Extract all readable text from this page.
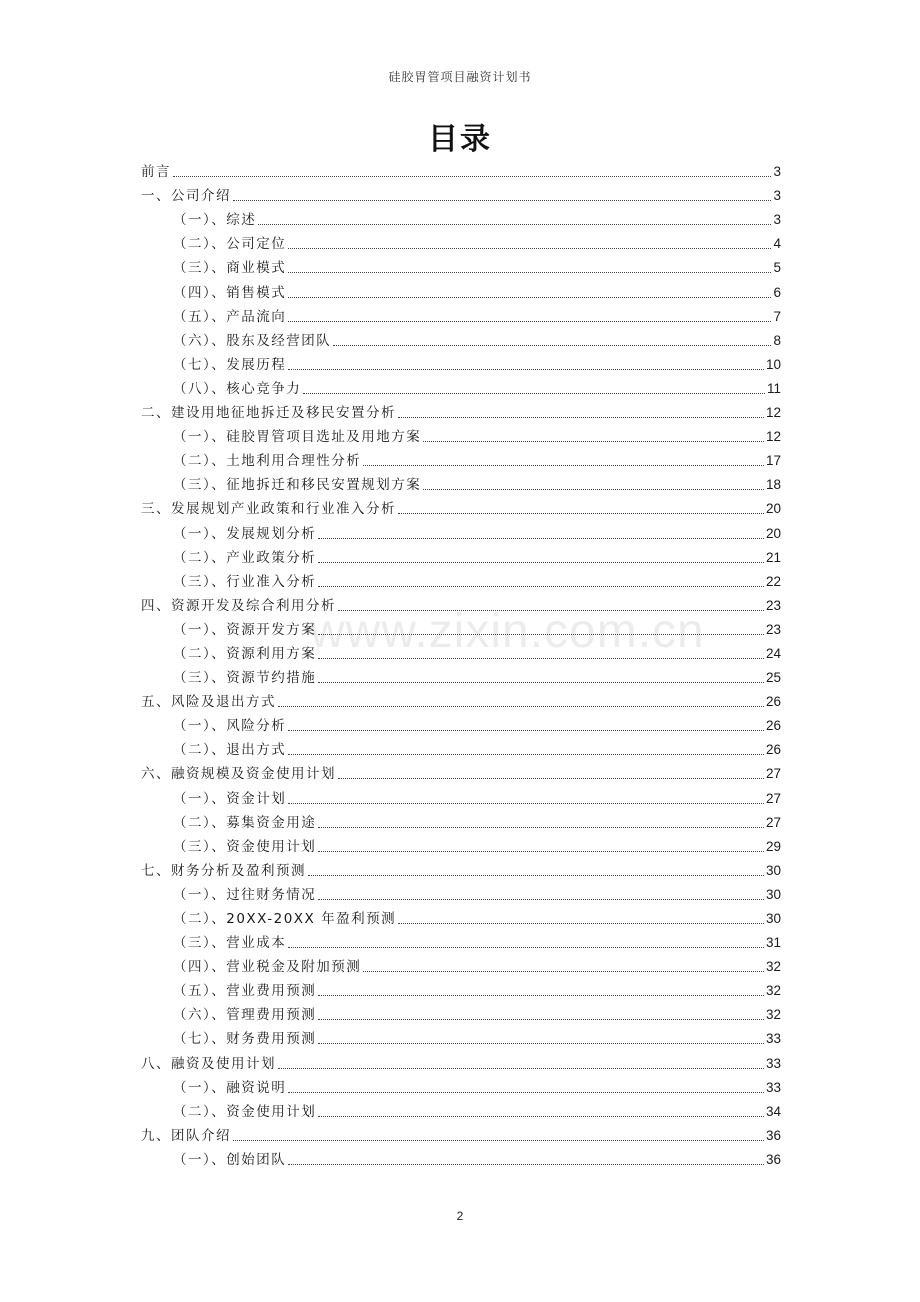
硅胶胃管项目融资计划书
目录
前言	3
一、公司介绍	3
（一）、综述	3
（二）、公司定位	4
（三）、商业模式	5
（四）、销售模式	6
（五）、产品流向	7
（六）、股东及经营团队	8
（七）、发展历程	10
（八）、核心竞争力	11
二、建设用地征地拆迁及移民安置分析	12
（一）、硅胶胃管项目选址及用地方案	12
（二）、土地利用合理性分析	17
（三）、征地拆迁和移民安置规划方案	18
三、发展规划产业政策和行业准入分析	20
（一）、发展规划分析	20
（二）、产业政策分析	21
（三）、行业准入分析	22
四、资源开发及综合利用分析	23
（一）、资源开发方案	23
（二）、资源利用方案	24
（三）、资源节约措施	25
五、风险及退出方式	26
（一）、风险分析	26
（二）、退出方式	26
六、融资规模及资金使用计划	27
（一）、资金计划	27
（二）、募集资金用途	27
（三）、资金使用计划	29
七、财务分析及盈利预测	30
（一）、过往财务情况	30
（二）、20XX-20XX 年盈利预测	30
（三）、营业成本	31
（四）、营业税金及附加预测	32
（五）、营业费用预测	32
（六）、管理费用预测	32
（七）、财务费用预测	33
八、融资及使用计划	33
（一）、融资说明	33
（二）、资金使用计划	34
九、团队介绍	36
（一）、创始团队	36
www.zixin.com.cn
2
